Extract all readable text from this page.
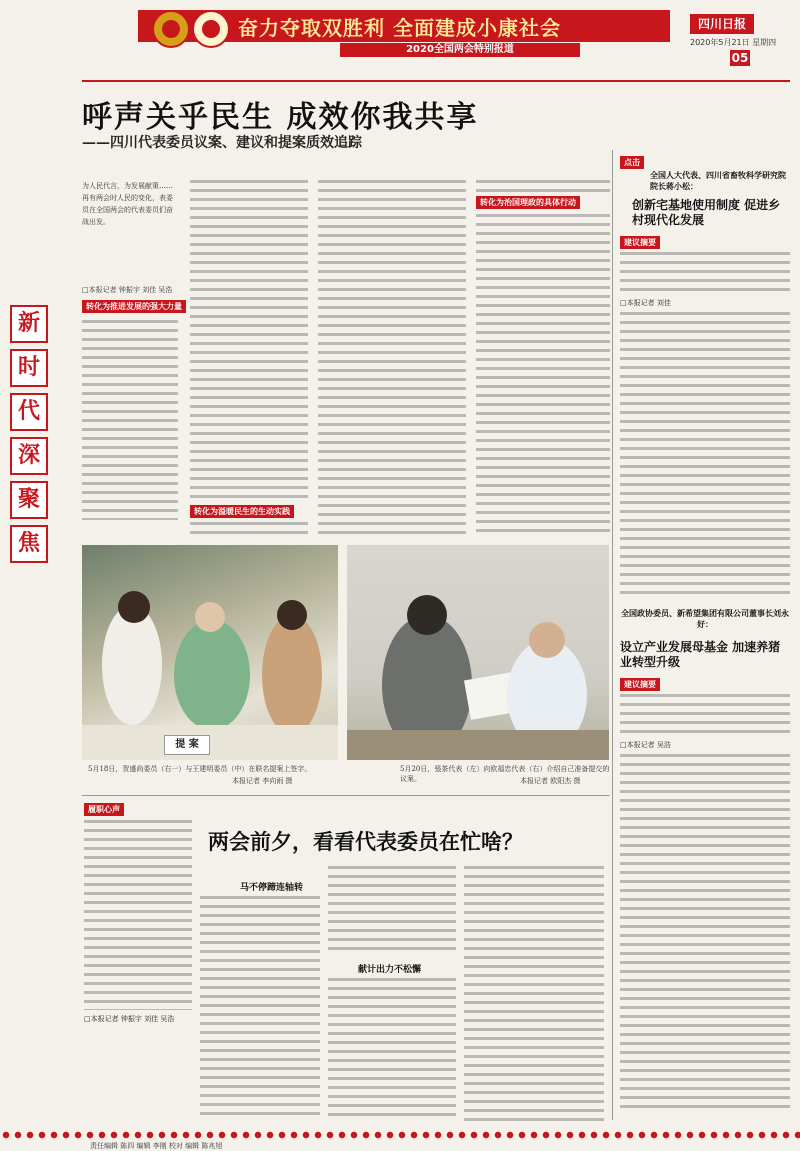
奋力夺取双胜利 全面建成小康社会
2020全国两会特别报道
四川日报
2020年5月21日 星期四
05
呼声关乎民生 成效你我共享
——四川代表委员议案、建议和提案质效追踪
为人民代言，为发展献策……再有两会时人民的变化，表委员在全国两会的代表委员们奋战出发。
□本报记者 钟振宇 刘佳 吴浩
新
时
代
深
聚
焦
转化为推进发展的强大力量
转化为溢暖民生的生动实践
转化为治国理政的具体行动
提 案
5月18日，贺盛尚委员（右一）与王建明委员（中）在联名提案上签字。
本报记者 李向雨 摄
5月20日，張茶代表（左）向欧福忠代表（右）介绍自己准备提交的议案。	本报记者 欧阳杰 摄
点击
全国人大代表、四川省畜牧科学研究院院长蒋小松：
创新宅基地使用制度 促进乡村现代化发展
建议摘要
□本报记者 刘佳
全国政协委员、新希望集团有限公司董事长刘永好：
设立产业发展母基金 加速养猪业转型升级
建议摘要
□本报记者 吴浩
履职心声
两会前夕，看看代表委员在忙啥？
□本报记者 钟振宇 刘佳 吴浩
马不停蹄连轴转
献计出力不松懈
责任编辑 陈四 编辑 李刚 校对 编辑 陈兆旭
